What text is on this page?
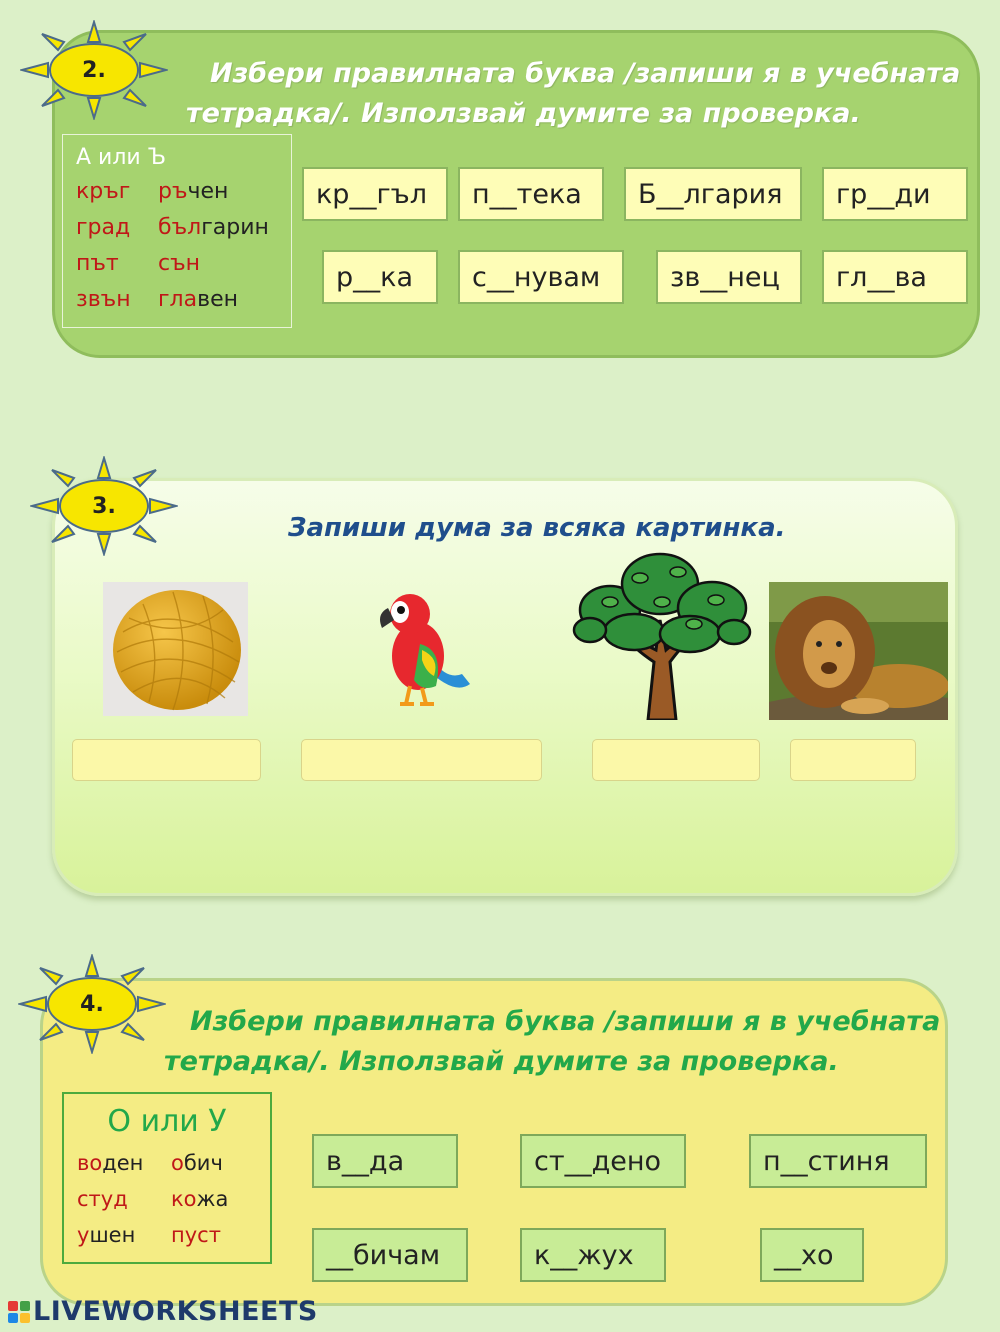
2.	Избери правилната буква /запиши я в учебната
тетрадка/. Използвай думите за проверка.

А или Ъ
кръг ръчен
град българин
път сън
звън главен
кр__гъл	п__тека	Б__лгария	гр__ди
р__ка	с__нувам	зв__нец	гл__ва
3.

Запиши дума за всяка картинка.

4.

Избери правилната буква /запиши я в учебната
тетрадка/. Използвай думите за проверка.

О или У
воден обич
студ кожа
ушен пуст
в__да	ст__дено	п__стиня
__бичам	к__жух	__хо
LIVEWORKSHEETS
